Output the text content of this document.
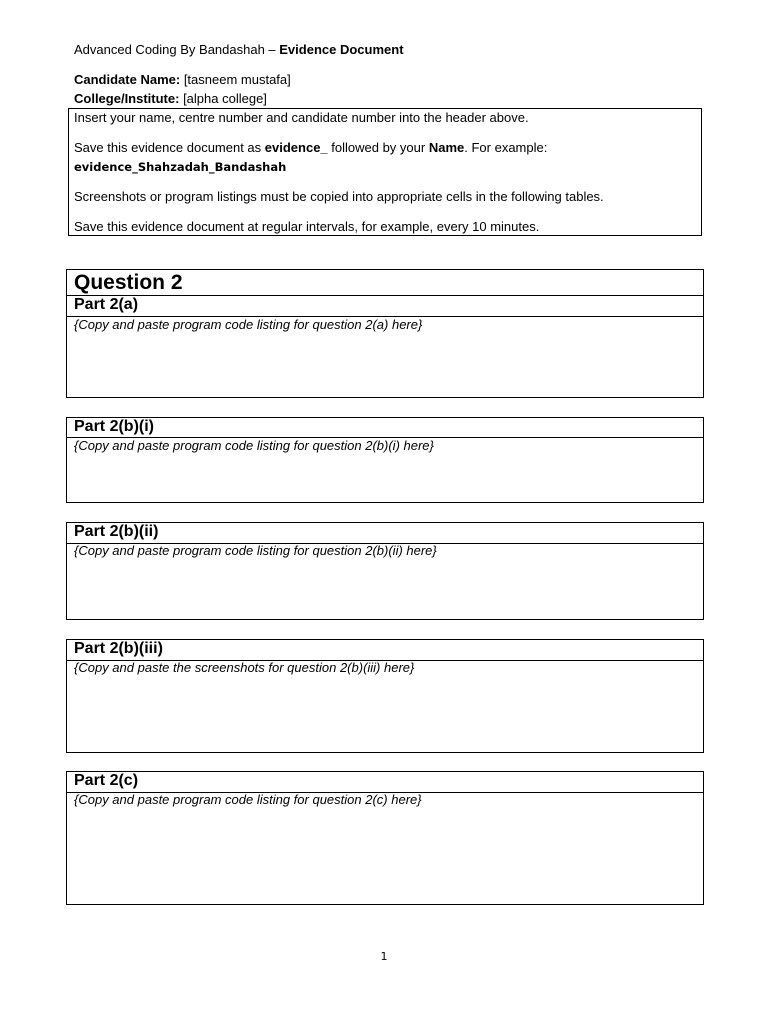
Advanced Coding By Bandashah – Evidence Document
Candidate Name: [tasneem mustafa]
College/Institute: [alpha college]
Insert your name, centre number and candidate number into the header above.
Save this evidence document as evidence_ followed by your Name. For example:
evidence_Shahzadah_Bandashah
Screenshots or program listings must be copied into appropriate cells in the following tables.
Save this evidence document at regular intervals, for example, every 10 minutes.
Question 2
Part 2(a)
{Copy and paste program code listing for question 2(a) here}
Part 2(b)(i)
{Copy and paste program code listing for question 2(b)(i) here}
Part 2(b)(ii)
{Copy and paste program code listing for question 2(b)(ii) here}
Part 2(b)(iii)
{Copy and paste the screenshots for question 2(b)(iii) here}
Part 2(c)
{Copy and paste program code listing for question 2(c) here}
1
